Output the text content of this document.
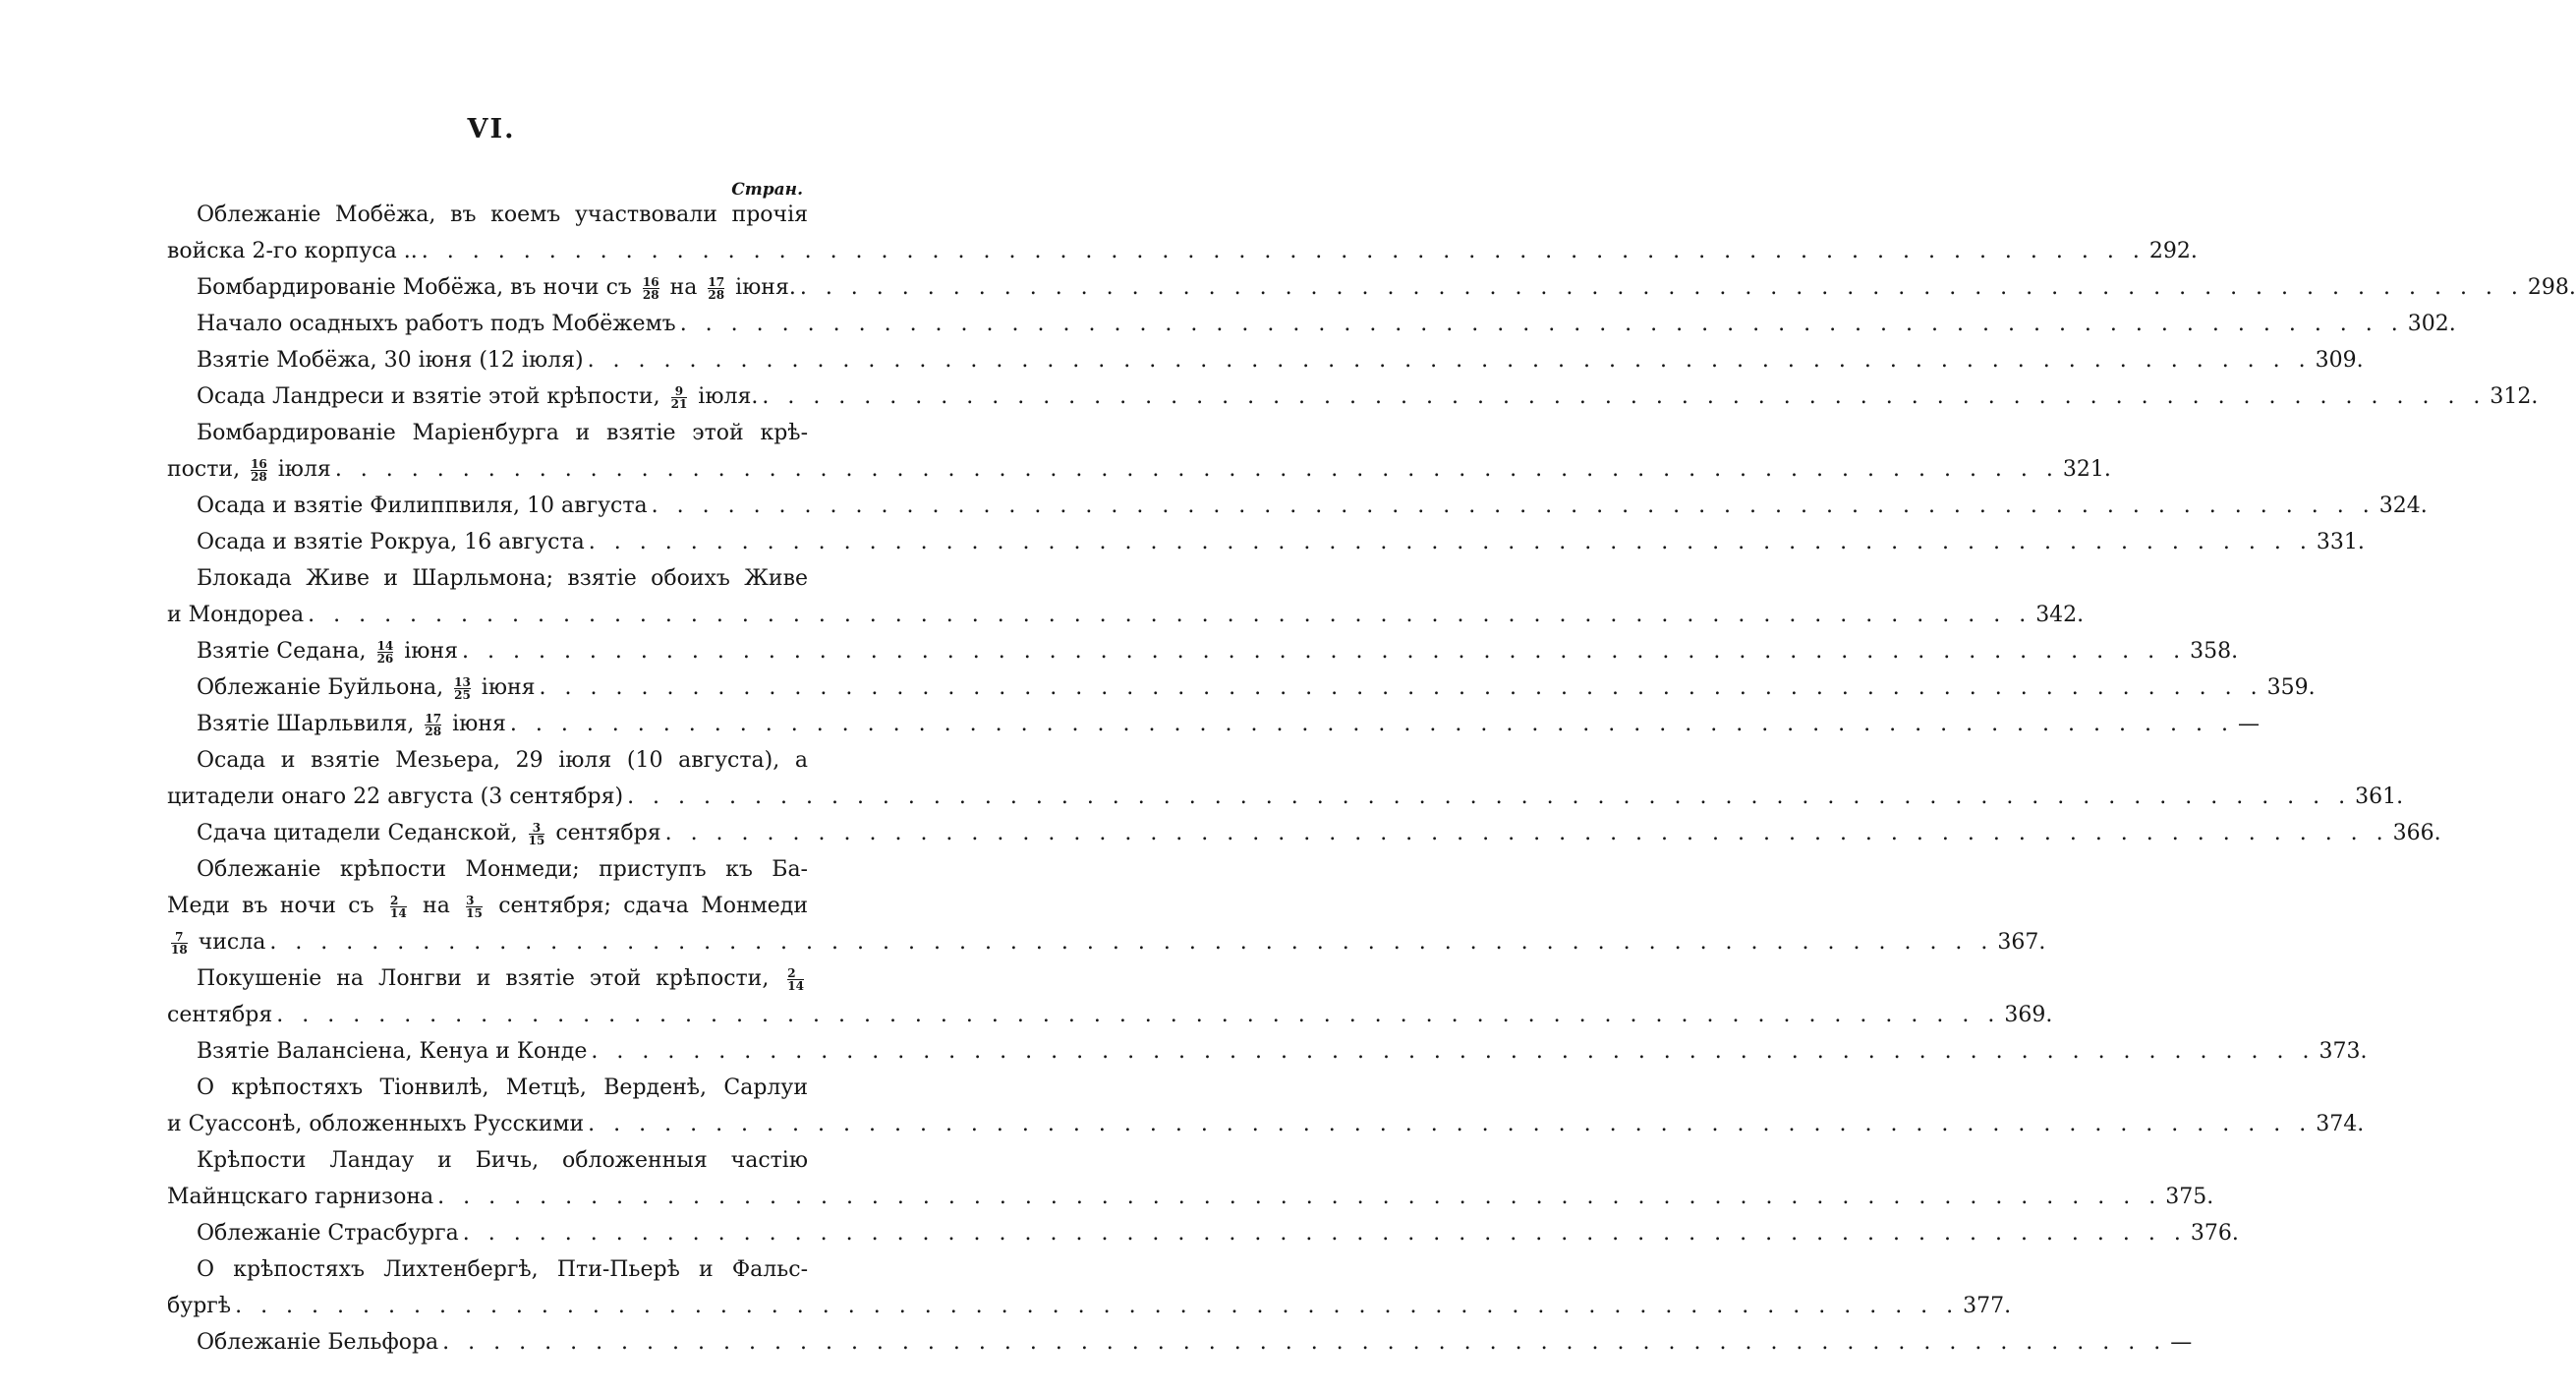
VI.
Стран.
Облежаніе Мобёжа, въ коемъ участвовали прочія
войска 2-го корпуса .. . . .	292.
Бомбардированіе Мобёжа, въ ночи съ $\frac{16}{28}$ на $\frac{17}{28}$ іюня. . . .	298.
Начало осадныхъ работъ подъ Мобёжемъ . . .	302.
Взятіе Мобёжа, 30 іюня (12 іюля) . . .	309.
Осада Ландреси и взятіе этой крѣпости, $\frac{9}{21}$ іюля. . . .	312.
Бомбардированіе Маріенбурга и взятіе этой крѣ-
пости, $\frac{16}{28}$ іюля . . .	321.
Осада и взятіе Филиппвиля, 10 августа . . .	324.
Осада и взятіе Рокруа, 16 августа . . .	331.
Блокада Живе и Шарльмона; взятіе обоихъ Живе
и Мондореа . . .	342.
Взятіе Седана, $\frac{14}{26}$ іюня . . .	358.
Облежаніе Буйльона, $\frac{13}{25}$ іюня . . .	359.
Взятіе Шарльвиля, $\frac{17}{28}$ іюня . . .	—
Осада и взятіе Мезьера, 29 іюля (10 августа), а
цитадели онаго 22 августа (3 сентября) . . .	361.
Сдача цитадели Седанской, $\frac{3}{15}$ сентября . . .	366.
Облежаніе крѣпости Монмеди; приступъ къ Ба-
Меди въ ночи съ $\frac{2}{14}$ на $\frac{3}{15}$ сентября; сдача Монмеди
$\frac{7}{18}$ числа . . .	367.
Покушеніе на Лонгви и взятіе этой крѣпости, $\frac{2}{14}$
сентября . . .	369.
Взятіе Валансіена, Кенуа и Конде . . .	373.
О крѣпостяхъ Тіонвилѣ, Метцѣ, Верденѣ, Сарлуи
и Суассонѣ, обложенныхъ Русскими . . .	374.
Крѣпости Ландау и Бичь, обложенныя частію
Майнцскаго гарнизона . . .	375.
Облежаніе Страсбурга . . .	376.
О крѣпостяхъ Лихтенбергѣ, Пти-Пьерѣ и Фальс-
бургѣ . . .	377.
Облежаніе Бельфора . . .	—
